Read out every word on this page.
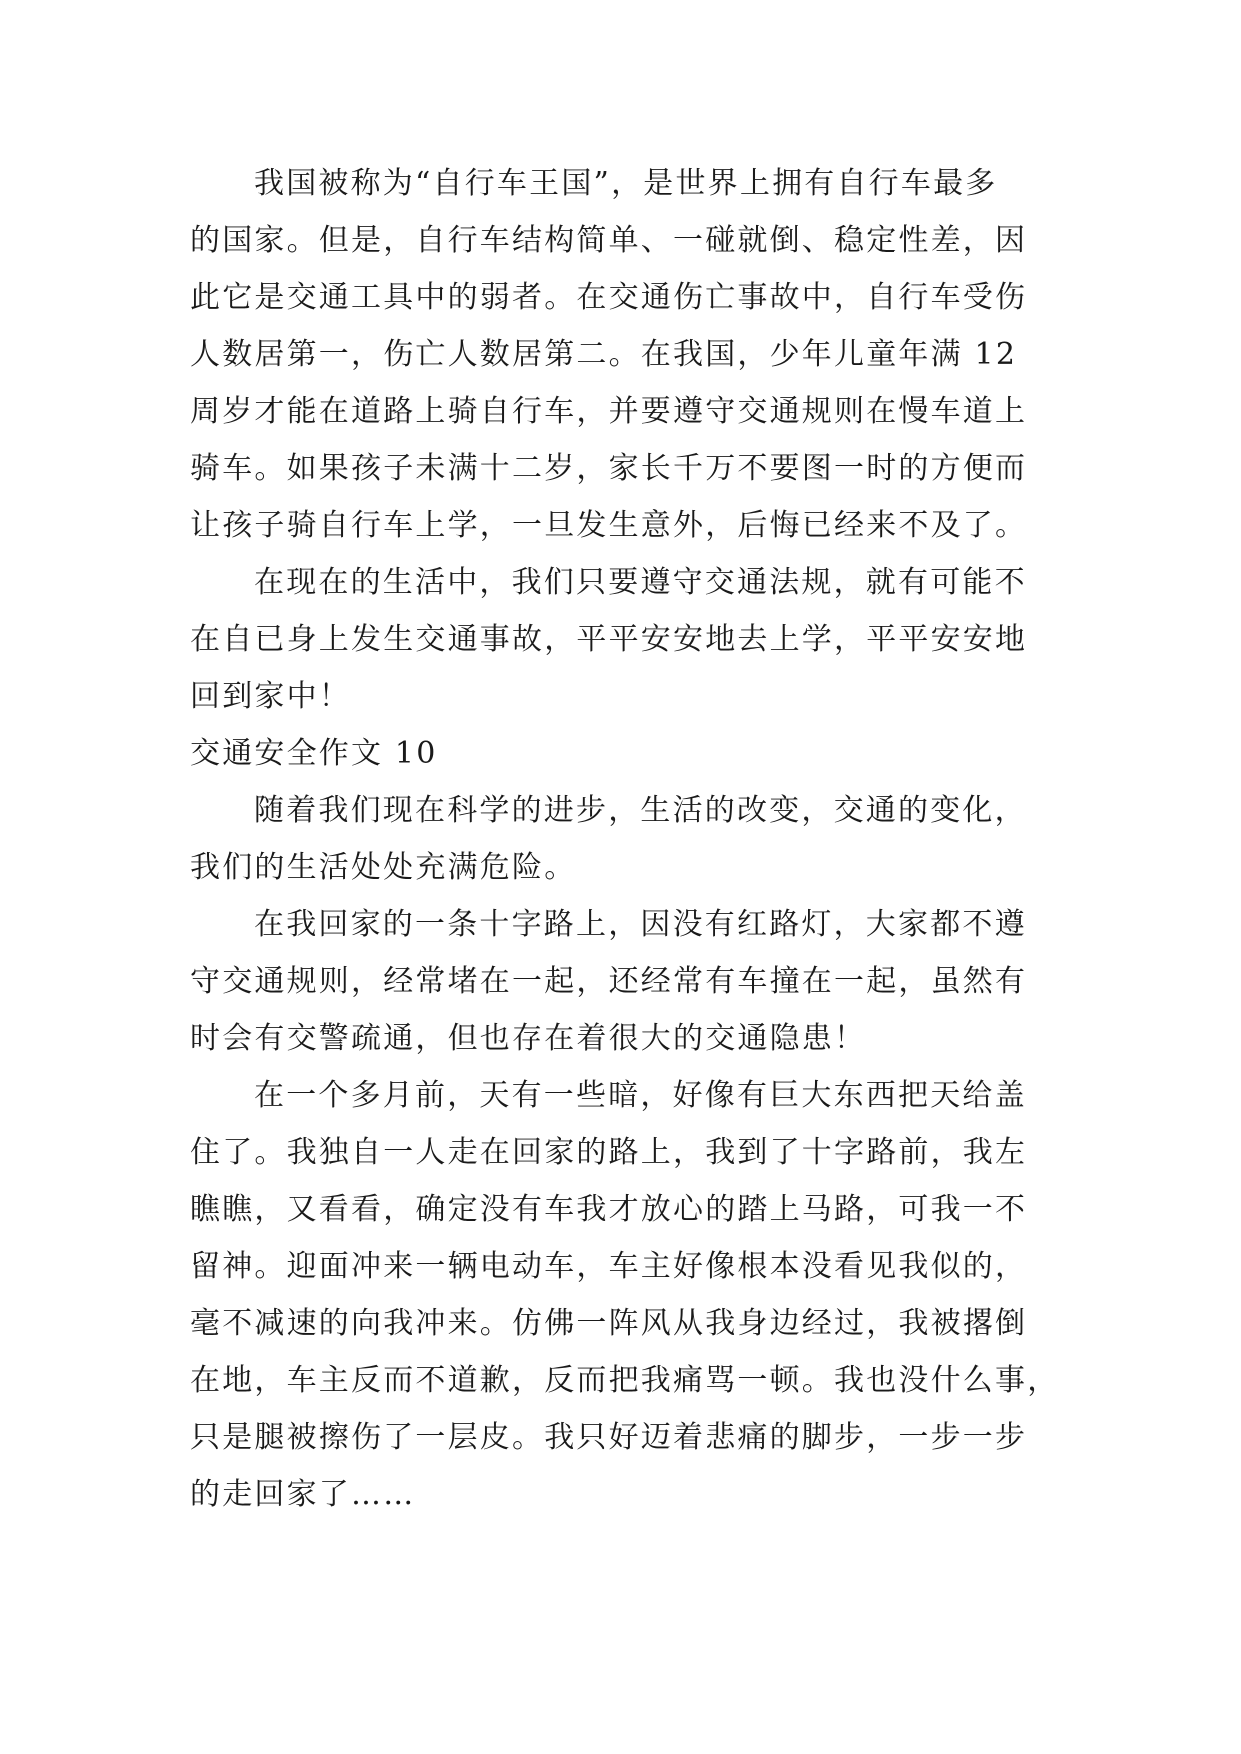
我国被称为“自行车王国”，是世界上拥有自行车最多
的国家。但是，自行车结构简单、一碰就倒、稳定性差，因
此它是交通工具中的弱者。在交通伤亡事故中，自行车受伤
人数居第一，伤亡人数居第二。在我国，少年儿童年满 12
周岁才能在道路上骑自行车，并要遵守交通规则在慢车道上
骑车。如果孩子未满十二岁，家长千万不要图一时的方便而
让孩子骑自行车上学，一旦发生意外，后悔已经来不及了。

在现在的生活中，我们只要遵守交通法规，就有可能不
在自已身上发生交通事故，平平安安地去上学，平平安安地
回到家中！

交通安全作文 10

随着我们现在科学的进步，生活的改变，交通的变化，
我们的生活处处充满危险。

在我回家的一条十字路上，因没有红路灯，大家都不遵
守交通规则，经常堵在一起，还经常有车撞在一起，虽然有
时会有交警疏通，但也存在着很大的交通隐患！

在一个多月前，天有一些暗，好像有巨大东西把天给盖
住了。我独自一人走在回家的路上，我到了十字路前，我左
瞧瞧，又看看，确定没有车我才放心的踏上马路，可我一不
留神。迎面冲来一辆电动车，车主好像根本没看见我似的，
毫不减速的向我冲来。仿佛一阵风从我身边经过，我被撂倒
在地，车主反而不道歉，反而把我痛骂一顿。我也没什么事，
只是腿被擦伤了一层皮。我只好迈着悲痛的脚步，一步一步
的走回家了……
